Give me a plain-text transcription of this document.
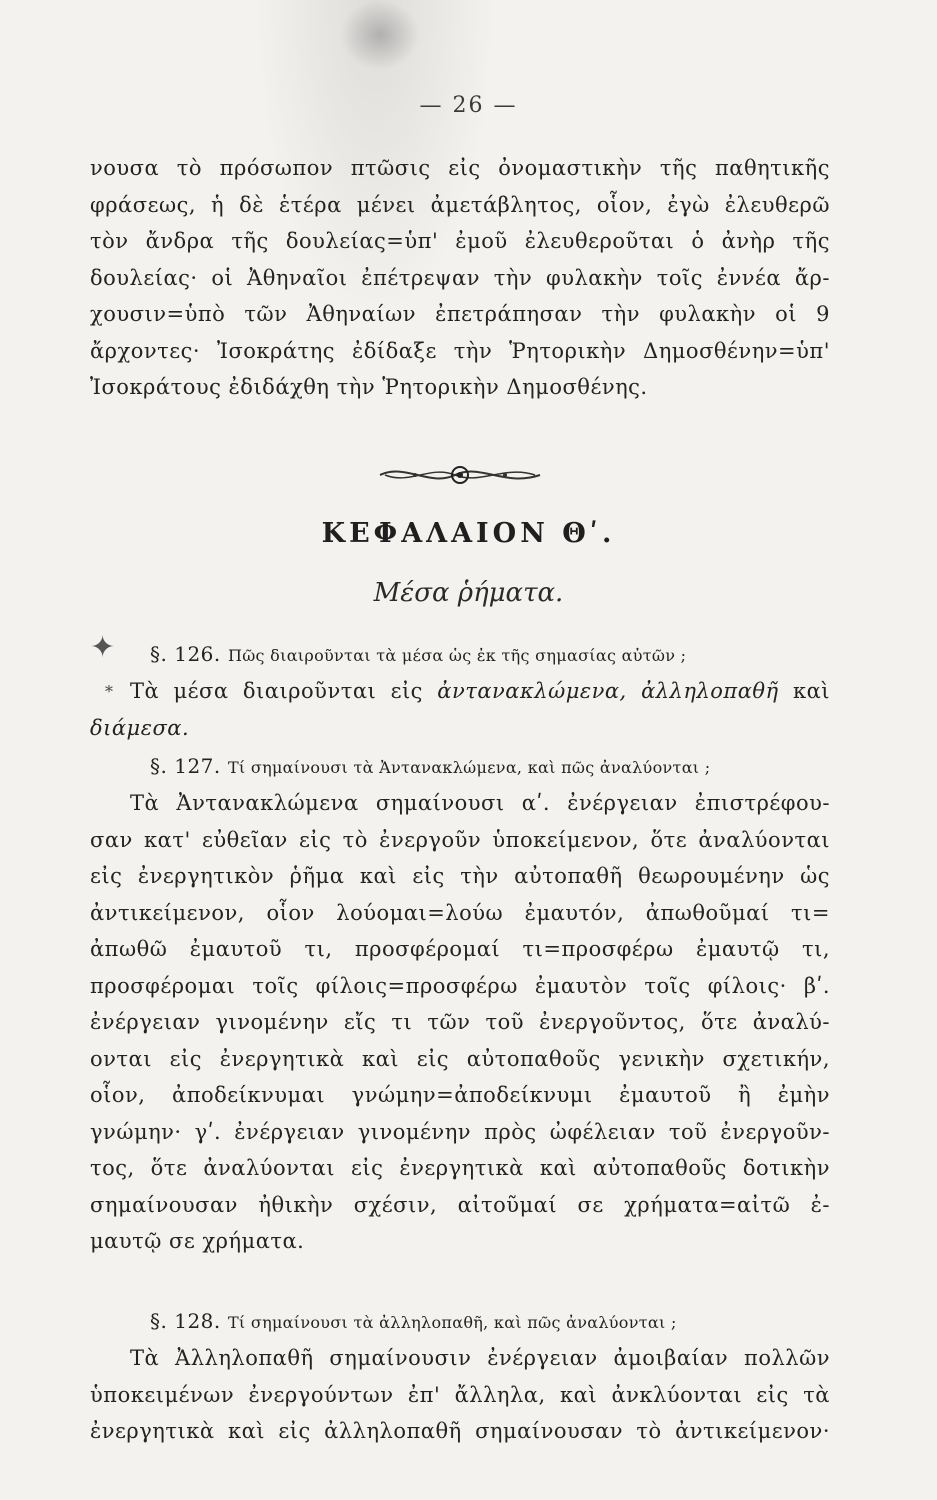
— 26 —
νουσα τὸ πρόσωπον πτῶσις εἰς ὀνομαστικὴν τῆς παθητικῆς
φράσεως, ἡ δὲ ἑτέρα μένει ἀμετάβλητος, οἷον, ἐγὼ ἐλευθερῶ
τὸν ἄνδρα τῆς δουλείας=ὑπ' ἐμοῦ ἐλευθεροῦται ὁ ἀνὴρ τῆς
δουλείας· οἱ Ἀθηναῖοι ἐπέτρεψαν τὴν φυλακὴν τοῖς ἐννέα ἄρ-
χουσιν=ὑπὸ τῶν Ἀθηναίων ἐπετράπησαν τὴν φυλακὴν οἱ 9
ἄρχοντες· Ἰσοκράτης ἐδίδαξε τὴν Ῥητορικὴν Δημοσθένην=ὑπ'
Ἰσοκράτους ἐδιδάχθη τὴν Ῥητορικὴν Δημοσθένης.
ΚΕΦΑΛΑΙΟΝ Θʹ.
Μέσα ῥήματα.
✦
*
§. 126. Πῶς διαιροῦνται τὰ μέσα ὡς ἐκ τῆς σημασίας αὐτῶν ;
Τὰ μέσα διαιροῦνται εἰς ἀντανακλώμενα, ἀλληλοπαθῆ καὶ
διάμεσα.
§. 127. Τί σημαίνουσι τὰ Ἀντανακλώμενα, καὶ πῶς ἀναλύονται ;
Τὰ Ἀντανακλώμενα σημαίνουσι αʹ. ἐνέργειαν ἐπιστρέφου-
σαν κατ' εὐθεῖαν εἰς τὸ ἐνεργοῦν ὑποκείμενον, ὅτε ἀναλύονται
εἰς ἐνεργητικὸν ῥῆμα καὶ εἰς τὴν αὐτοπαθῆ θεωρουμένην ὡς
ἀντικείμενον, οἷον λούομαι=λούω ἐμαυτόν, ἀπωθοῦμαί τι=
ἀπωθῶ ἐμαυτοῦ τι, προσφέρομαί τι=προσφέρω ἐμαυτῷ τι,
προσφέρομαι τοῖς φίλοις=προσφέρω ἐμαυτὸν τοῖς φίλοις· βʹ.
ἐνέργειαν γινομένην εἴς τι τῶν τοῦ ἐνεργοῦντος, ὅτε ἀναλύ-
ονται εἰς ἐνεργητικὰ καὶ εἰς αὐτοπαθοῦς γενικὴν σχετικήν,
οἷον, ἀποδείκνυμαι γνώμην=ἀποδείκνυμι ἐμαυτοῦ ἢ ἐμὴν
γνώμην· γʹ. ἐνέργειαν γινομένην πρὸς ὠφέλειαν τοῦ ἐνεργοῦν-
τος, ὅτε ἀναλύονται εἰς ἐνεργητικὰ καὶ αὐτοπαθοῦς δοτικὴν
σημαίνουσαν ἠθικὴν σχέσιν, αἰτοῦμαί σε χρήματα=αἰτῶ ἐ-
μαυτῷ σε χρήματα.
§. 128. Τί σημαίνουσι τὰ ἀλληλοπαθῆ, καὶ πῶς ἀναλύονται ;
Τὰ Ἀλληλοπαθῆ σημαίνουσιν ἐνέργειαν ἀμοιβαίαν πολλῶν
ὑποκειμένων ἐνεργούντων ἐπ' ἄλληλα, καὶ ἀνκλύονται εἰς τὰ
ἐνεργητικὰ καὶ εἰς ἀλληλοπαθῆ σημαίνουσαν τὸ ἀντικείμενον·
